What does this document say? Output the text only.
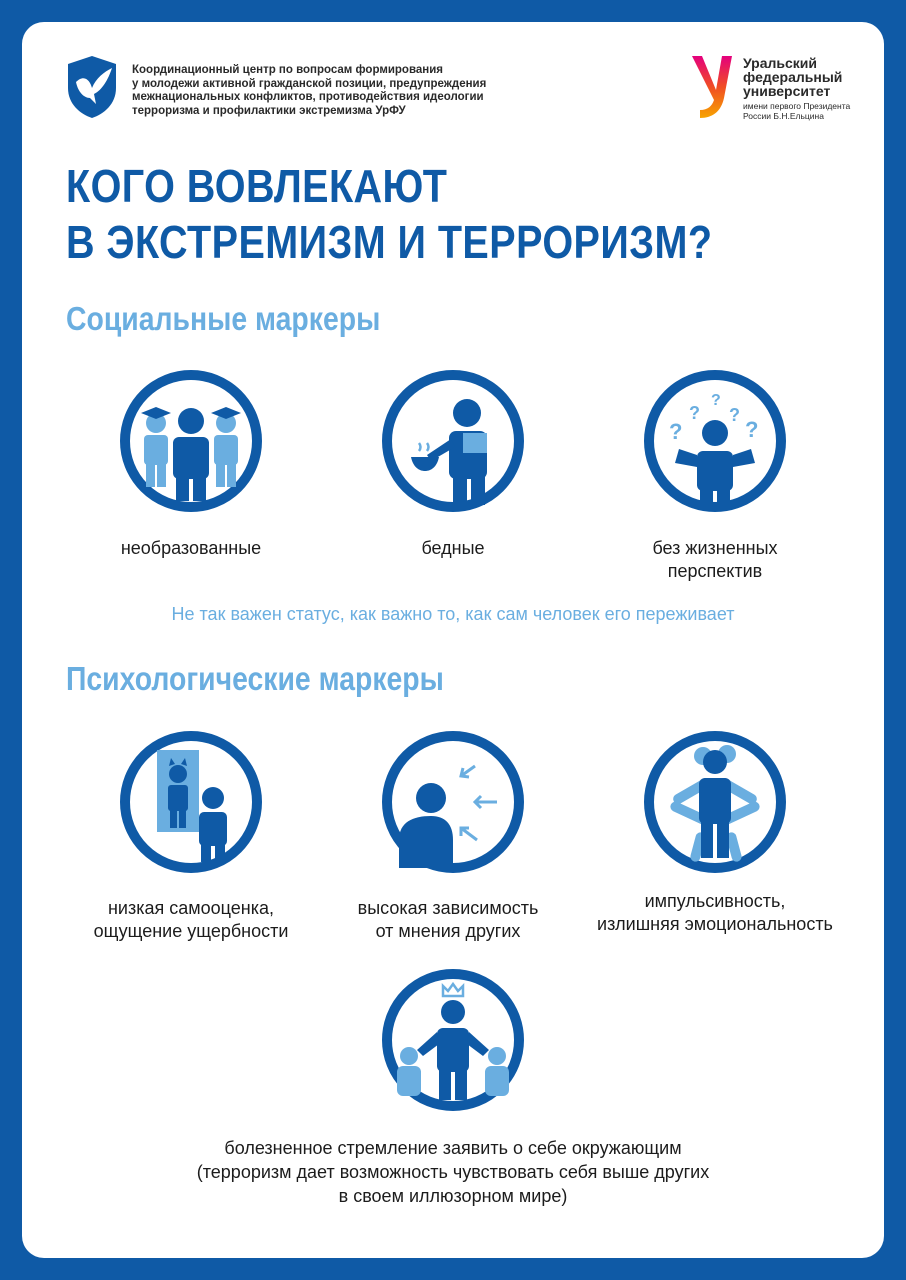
Координационный центр по вопросам формирования
у молодежи активной гражданской позиции, предупреждения
межнациональных конфликтов, противодействия идеологии
терроризма и профилактики экстремизма УрФУ
Уральский
федеральный
университет
имени первого Президента
России Б.Н.Ельцина
КОГО ВОВЛЕКАЮТ
В ЭКСТРЕМИЗМ И ТЕРРОРИЗМ?
Социальные маркеры
необразованные	бедные
?
?
?
?
?
без жизненных
перспектив
Не так важен статус, как важно то, как сам человек его переживает
Психологические маркеры
низкая самооценка,
ощущение ущербности
высокая зависимость
от мнения других
импульсивность,
излишняя эмоциональность
болезненное стремление заявить о себе окружающим
(терроризм дает возможность чувствовать себя выше других
в своем иллюзорном мире)
